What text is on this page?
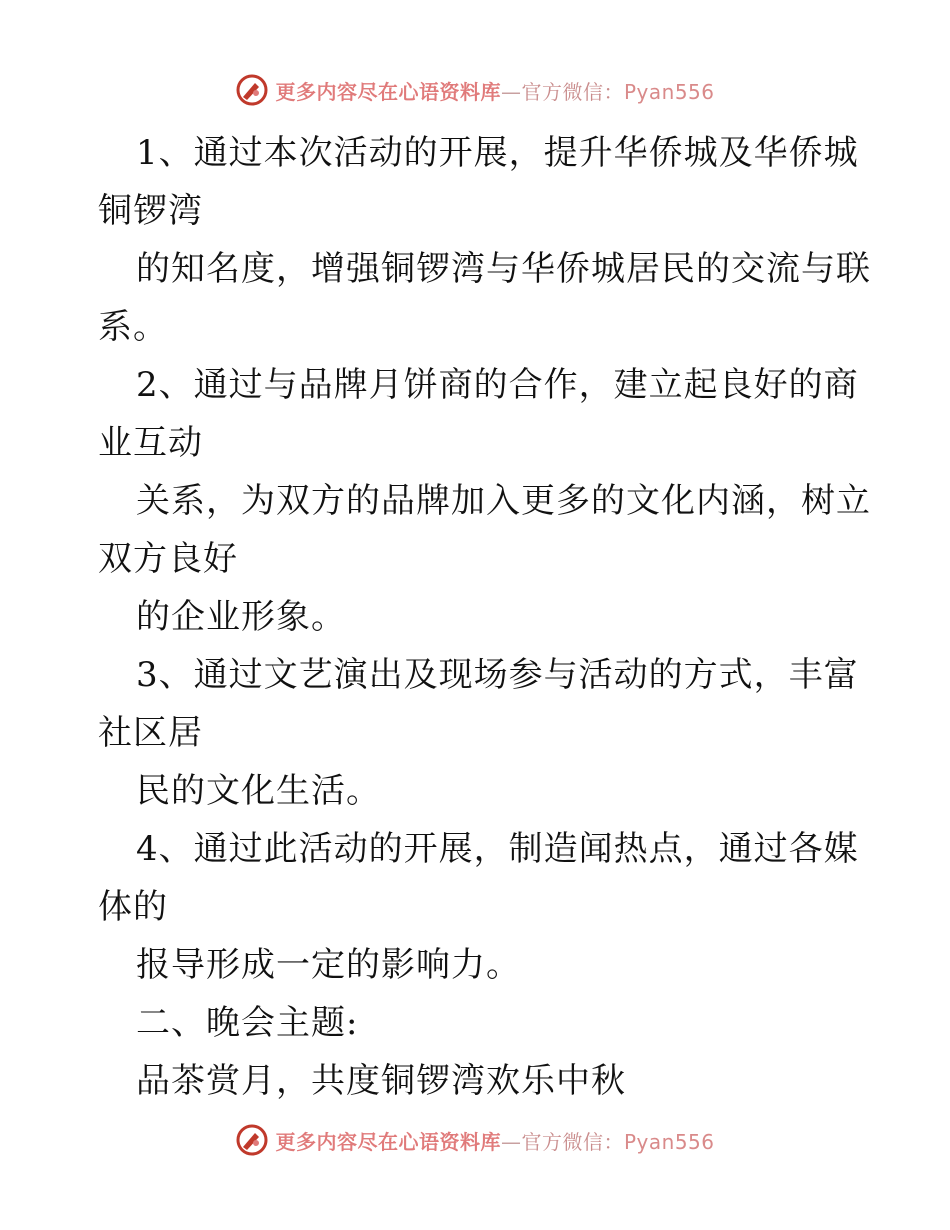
更多内容尽在心语资料库—官方微信：Pyan556
1、通过本次活动的开展，提升华侨城及华侨城
铜锣湾
的知名度，增强铜锣湾与华侨城居民的交流与联
系。
2、通过与品牌月饼商的合作，建立起良好的商
业互动
关系，为双方的品牌加入更多的文化内涵，树立
双方良好
的企业形象。
3、通过文艺演出及现场参与活动的方式，丰富
社区居
民的文化生活。
4、通过此活动的开展，制造闻热点，通过各媒
体的
报导形成一定的影响力。
二、晚会主题:
品茶赏月，共度铜锣湾欢乐中秋
更多内容尽在心语资料库—官方微信：Pyan556
